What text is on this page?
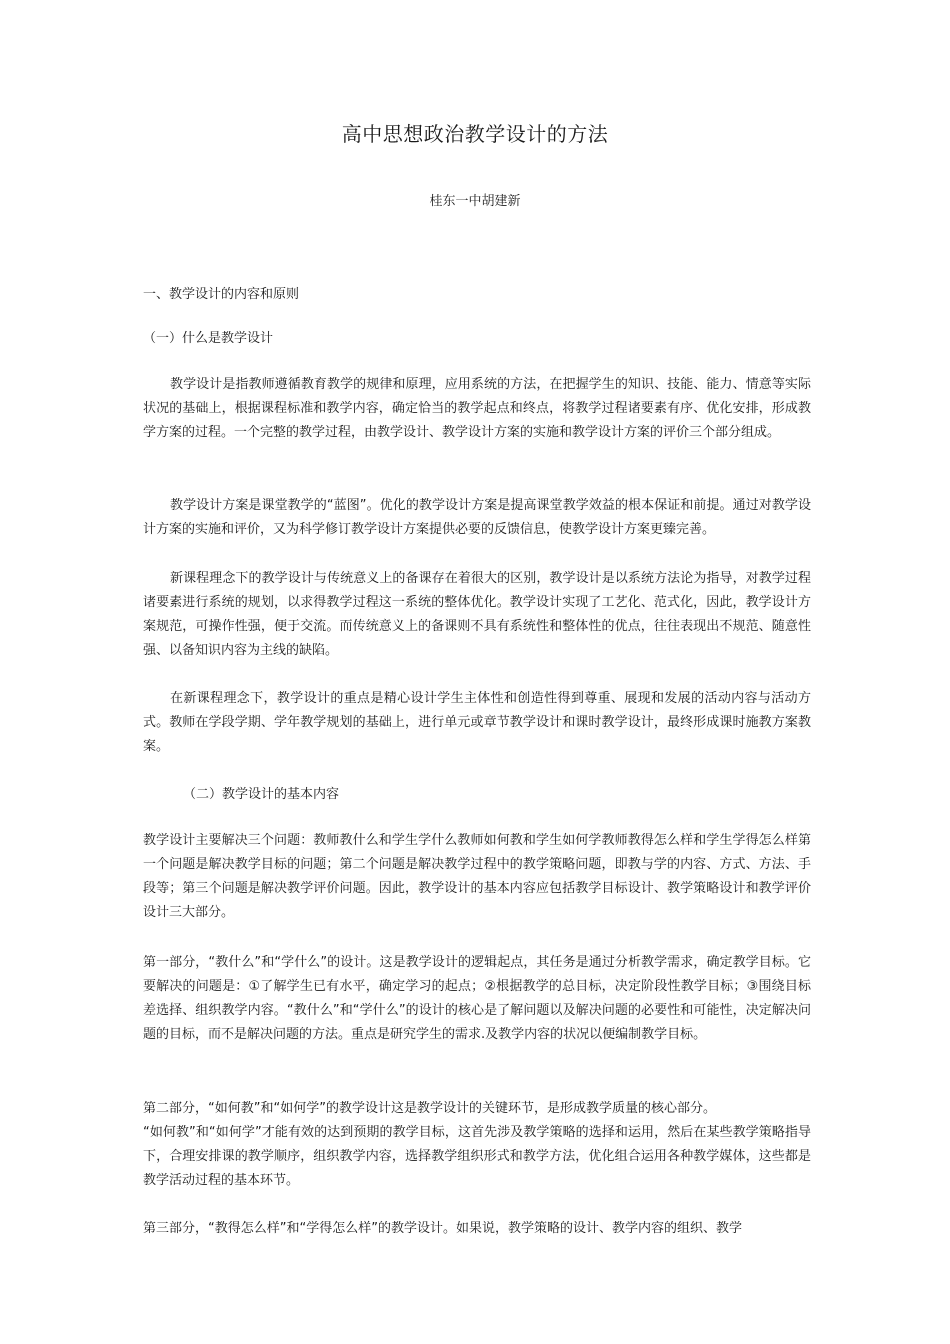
高中思想政治教学设计的方法
桂东一中胡建新

一、教学设计的内容和原则

（一）什么是教学设计

教学设计是指教师遵循教育教学的规律和原理，应用系统的方法，在把握学生的知识、技能、能力、情意等实际状况的基础上，根据课程标准和教学内容，确定恰当的教学起点和终点，将教学过程诸要素有序、优化安排，形成教学方案的过程。一个完整的教学过程，由教学设计、教学设计方案的实施和教学设计方案的评价三个部分组成。

教学设计方案是课堂教学的“蓝图”。优化的教学设计方案是提高课堂教学效益的根本保证和前提。通过对教学设计方案的实施和评价，又为科学修订教学设计方案提供必要的反馈信息，使教学设计方案更臻完善。

新课程理念下的教学设计与传统意义上的备课存在着很大的区别，教学设计是以系统方法论为指导，对教学过程诸要素进行系统的规划，以求得教学过程这一系统的整体优化。教学设计实现了工艺化、范式化，因此，教学设计方案规范，可操作性强，便于交流。而传统意义上的备课则不具有系统性和整体性的优点，往往表现出不规范、随意性强、以备知识内容为主线的缺陷。

在新课程理念下，教学设计的重点是精心设计学生主体性和创造性得到尊重、展现和发展的活动内容与活动方式。教师在学段学期、学年教学规划的基础上，进行单元或章节教学设计和课时教学设计，最终形成课时施教方案教案。

（二）教学设计的基本内容

教学设计主要解决三个问题：教师教什么和学生学什么教师如何教和学生如何学教师教得怎么样和学生学得怎么样第一个问题是解决教学目标的问题；第二个问题是解决教学过程中的教学策略问题，即教与学的内容、方式、方法、手段等；第三个问题是解决教学评价问题。因此，教学设计的基本内容应包括教学目标设计、教学策略设计和教学评价设计三大部分。

第一部分，“教什么”和“学什么”的设计。这是教学设计的逻辑起点，其任务是通过分析教学需求，确定教学目标。它要解决的问题是：①了解学生已有水平，确定学习的起点；②根据教学的总目标，决定阶段性教学目标；③围绕目标差选择、组织教学内容。“教什么”和“学什么”的设计的核心是了解问题以及解决问题的必要性和可能性，决定解决问题的目标，而不是解决问题的方法。重点是研究学生的需求.及教学内容的状况以便编制教学目标。

第二部分，“如何教”和“如何学”的教学设计这是教学设计的关键环节，是形成教学质量的核心部分。

“如何教”和“如何学”才能有效的达到预期的教学目标，这首先涉及教学策略的选择和运用，然后在某些教学策略指导下，合理安排课的教学顺序，组织教学内容，选择教学组织形式和教学方法，优化组合运用各种教学媒体，这些都是教学活动过程的基本环节。

第三部分，“教得怎么样”和“学得怎么样”的教学设计。如果说，教学策略的设计、教学内容的组织、教学
